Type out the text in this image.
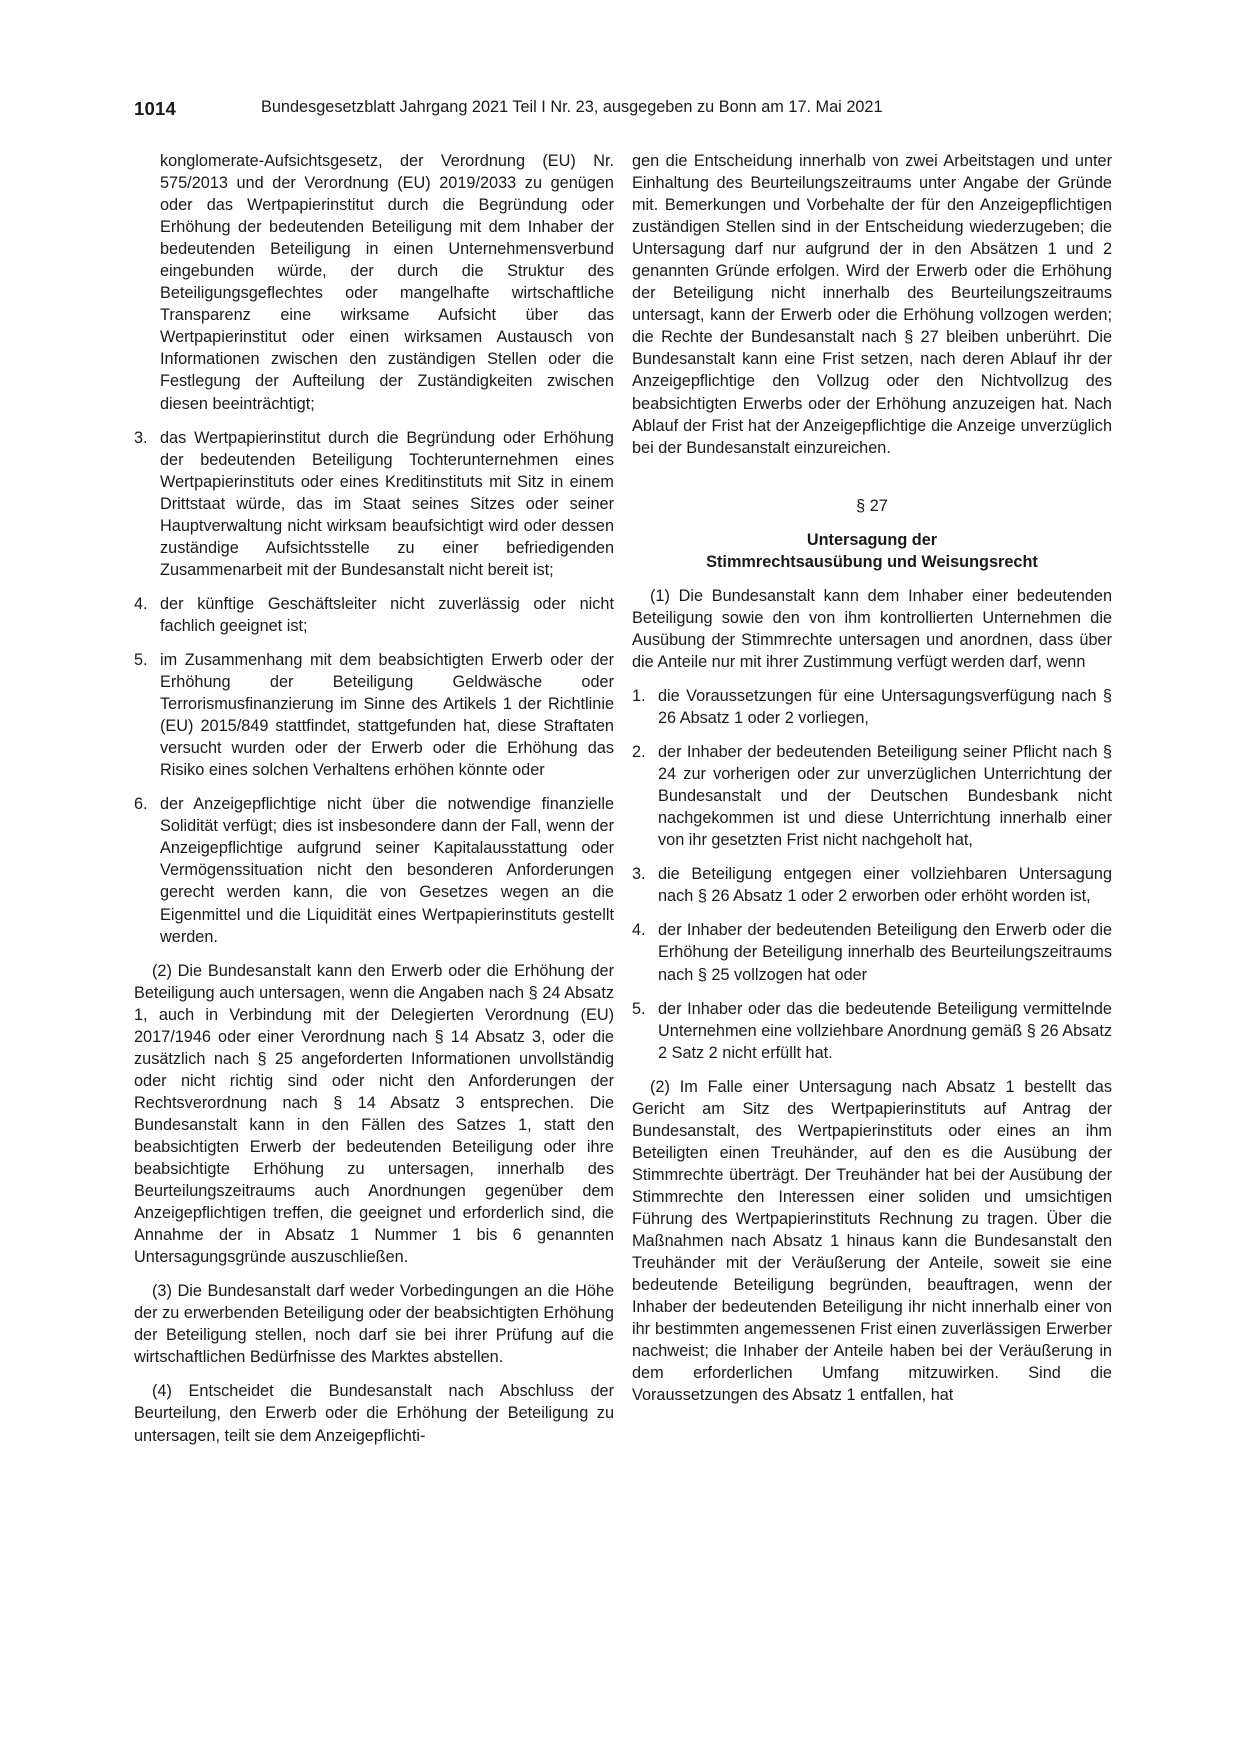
1014	Bundesgesetzblatt Jahrgang 2021 Teil I Nr. 23, ausgegeben zu Bonn am 17. Mai 2021

konglomerate-Aufsichtsgesetz, der Verordnung (EU) Nr. 575/2013 und der Verordnung (EU) 2019/2033 zu genügen oder das Wertpapierinstitut durch die Begründung oder Erhöhung der bedeutenden Beteiligung mit dem Inhaber der bedeutenden Beteiligung in einen Unternehmensverbund eingebunden würde, der durch die Struktur des Beteiligungsgeflechtes oder mangelhafte wirtschaftliche Transparenz eine wirksame Aufsicht über das Wertpapierinstitut oder einen wirksamen Austausch von Informationen zwischen den zuständigen Stellen oder die Festlegung der Aufteilung der Zuständigkeiten zwischen diesen beeinträchtigt;

3. das Wertpapierinstitut durch die Begründung oder Erhöhung der bedeutenden Beteiligung Tochterunternehmen eines Wertpapierinstituts oder eines Kreditinstituts mit Sitz in einem Drittstaat würde, das im Staat seines Sitzes oder seiner Hauptverwaltung nicht wirksam beaufsichtigt wird oder dessen zuständige Aufsichtsstelle zu einer befriedigenden Zusammenarbeit mit der Bundesanstalt nicht bereit ist;

4. der künftige Geschäftsleiter nicht zuverlässig oder nicht fachlich geeignet ist;

5. im Zusammenhang mit dem beabsichtigten Erwerb oder der Erhöhung der Beteiligung Geldwäsche oder Terrorismusfinanzierung im Sinne des Artikels 1 der Richtlinie (EU) 2015/849 stattfindet, stattgefunden hat, diese Straftaten versucht wurden oder der Erwerb oder die Erhöhung das Risiko eines solchen Verhaltens erhöhen könnte oder

6. der Anzeigepflichtige nicht über die notwendige finanzielle Solidität verfügt; dies ist insbesondere dann der Fall, wenn der Anzeigepflichtige aufgrund seiner Kapitalausstattung oder Vermögenssituation nicht den besonderen Anforderungen gerecht werden kann, die von Gesetzes wegen an die Eigenmittel und die Liquidität eines Wertpapierinstituts gestellt werden.

(2) Die Bundesanstalt kann den Erwerb oder die Erhöhung der Beteiligung auch untersagen, wenn die Angaben nach § 24 Absatz 1, auch in Verbindung mit der Delegierten Verordnung (EU) 2017/1946 oder einer Verordnung nach § 14 Absatz 3, oder die zusätzlich nach § 25 angeforderten Informationen unvollständig oder nicht richtig sind oder nicht den Anforderungen der Rechtsverordnung nach § 14 Absatz 3 entsprechen. Die Bundesanstalt kann in den Fällen des Satzes 1, statt den beabsichtigten Erwerb der bedeutenden Beteiligung oder ihre beabsichtigte Erhöhung zu untersagen, innerhalb des Beurteilungszeitraums auch Anordnungen gegenüber dem Anzeigepflichtigen treffen, die geeignet und erforderlich sind, die Annahme der in Absatz 1 Nummer 1 bis 6 genannten Untersagungsgründe auszuschließen.

(3) Die Bundesanstalt darf weder Vorbedingungen an die Höhe der zu erwerbenden Beteiligung oder der beabsichtigten Erhöhung der Beteiligung stellen, noch darf sie bei ihrer Prüfung auf die wirtschaftlichen Bedürfnisse des Marktes abstellen.

(4) Entscheidet die Bundesanstalt nach Abschluss der Beurteilung, den Erwerb oder die Erhöhung der Beteiligung zu untersagen, teilt sie dem Anzeigepflichti-

gen die Entscheidung innerhalb von zwei Arbeitstagen und unter Einhaltung des Beurteilungszeitraums unter Angabe der Gründe mit. Bemerkungen und Vorbehalte der für den Anzeigepflichtigen zuständigen Stellen sind in der Entscheidung wiederzugeben; die Untersagung darf nur aufgrund der in den Absätzen 1 und 2 genannten Gründe erfolgen. Wird der Erwerb oder die Erhöhung der Beteiligung nicht innerhalb des Beurteilungszeitraums untersagt, kann der Erwerb oder die Erhöhung vollzogen werden; die Rechte der Bundesanstalt nach § 27 bleiben unberührt. Die Bundesanstalt kann eine Frist setzen, nach deren Ablauf ihr der Anzeigepflichtige den Vollzug oder den Nichtvollzug des beabsichtigten Erwerbs oder der Erhöhung anzuzeigen hat. Nach Ablauf der Frist hat der Anzeigepflichtige die Anzeige unverzüglich bei der Bundesanstalt einzureichen.

§ 27

Untersagung der
Stimmrechtsausübung und Weisungsrecht

(1) Die Bundesanstalt kann dem Inhaber einer bedeutenden Beteiligung sowie den von ihm kontrollierten Unternehmen die Ausübung der Stimmrechte untersagen und anordnen, dass über die Anteile nur mit ihrer Zustimmung verfügt werden darf, wenn

1. die Voraussetzungen für eine Untersagungsverfügung nach § 26 Absatz 1 oder 2 vorliegen,

2. der Inhaber der bedeutenden Beteiligung seiner Pflicht nach § 24 zur vorherigen oder zur unverzüglichen Unterrichtung der Bundesanstalt und der Deutschen Bundesbank nicht nachgekommen ist und diese Unterrichtung innerhalb einer von ihr gesetzten Frist nicht nachgeholt hat,

3. die Beteiligung entgegen einer vollziehbaren Untersagung nach § 26 Absatz 1 oder 2 erworben oder erhöht worden ist,

4. der Inhaber der bedeutenden Beteiligung den Erwerb oder die Erhöhung der Beteiligung innerhalb des Beurteilungszeitraums nach § 25 vollzogen hat oder

5. der Inhaber oder das die bedeutende Beteiligung vermittelnde Unternehmen eine vollziehbare Anordnung gemäß § 26 Absatz 2 Satz 2 nicht erfüllt hat.

(2) Im Falle einer Untersagung nach Absatz 1 bestellt das Gericht am Sitz des Wertpapierinstituts auf Antrag der Bundesanstalt, des Wertpapierinstituts oder eines an ihm Beteiligten einen Treuhänder, auf den es die Ausübung der Stimmrechte überträgt. Der Treuhänder hat bei der Ausübung der Stimmrechte den Interessen einer soliden und umsichtigen Führung des Wertpapierinstituts Rechnung zu tragen. Über die Maßnahmen nach Absatz 1 hinaus kann die Bundesanstalt den Treuhänder mit der Veräußerung der Anteile, soweit sie eine bedeutende Beteiligung begründen, beauftragen, wenn der Inhaber der bedeutenden Beteiligung ihr nicht innerhalb einer von ihr bestimmten angemessenen Frist einen zuverlässigen Erwerber nachweist; die Inhaber der Anteile haben bei der Veräußerung in dem erforderlichen Umfang mitzuwirken. Sind die Voraussetzungen des Absatz 1 entfallen, hat
